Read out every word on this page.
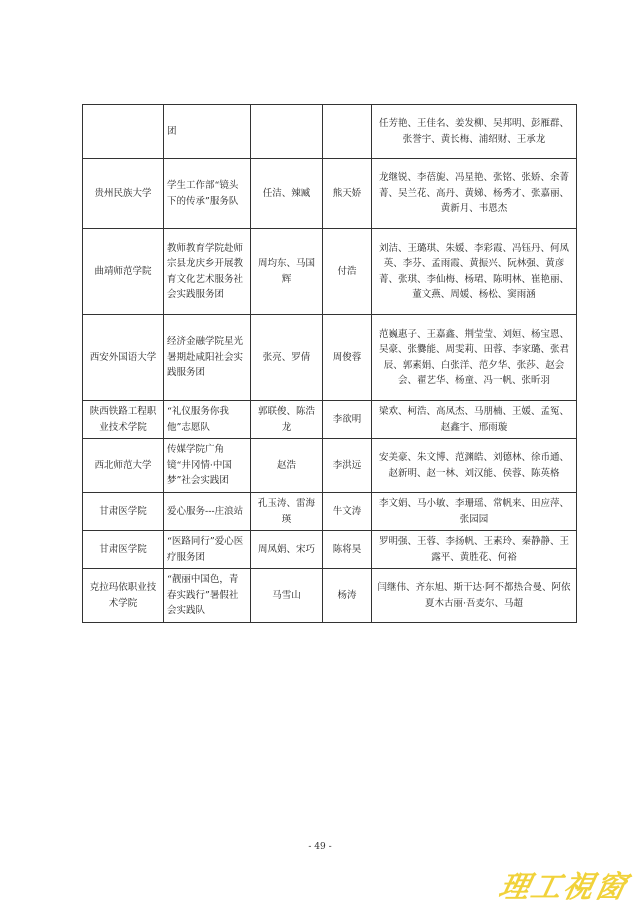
	团			任芳艳、王佳名、姜发柳、吴邦明、彭雁群、张誉宇、黄长梅、浦绍财、王承龙
贵州民族大学	学生工作部“镜头下的传承”服务队	任洁、辣臧	熊天娇	龙继锐、李蓓旎、冯星艳、张铭、张娇、余菁菁、吴兰花、高丹、黄娣、杨秀才、张嘉丽、黄新月、韦恩杰
曲靖师范学院	教师教育学院赴师宗县龙庆乡开展教育文化艺术服务社会实践服务团	周均东、马国辉	付浩	刘洁、王璐琪、朱媛、李彩霞、冯钰丹、何凤英、李芬、孟雨霞、黄振兴、阮林强、黄彦菁、张琪、李仙梅、杨珺、陈明林、崔艳丽、董文燕、周媛、杨松、窦雨涵
西安外国语大学	经济金融学院星光暑期赴咸阳社会实践服务团	张亮、罗倩	周俊蓉	范巍惠子、王嘉鑫、荆莹莹、刘姮、杨宝恩、吴豪、张爨能、周雯莉、田蓉、李家璐、张君辰、郭素娟、白张洋、范夕华、张莎、赵会会、翟艺华、杨童、冯一帆、张昕羽
陕西铁路工程职业技术学院	“礼仪服务你我他”志愿队	郭联俊、陈浩龙	李欲明	梁欢、柯浩、高凤杰、马朋楠、王媛、孟冤、赵鑫宇、邢雨璇
西北师范大学	传媒学院广角镜“井冈情·中国梦”社会实践团	赵浩	李洪远	安美豪、朱文博、范渊皓、刘德林、徐币通、赵新明、赵一林、刘汉能、侯蓉、陈英格
甘肃医学院	爱心服务---庄浪站	孔玉涛、雷海瑛	牛文涛	李文娟、马小敏、李珊瑶、常帆来、田应萍、张园园
甘肃医学院	“医路同行”爱心医疗服务团	周凤娟、宋巧	陈将昊	罗明强、王蓉、李扬帆、王素玲、秦静静、王露平、黄胜花、何裕
克拉玛依职业技术学院	“靓丽中国色，青春实践行”暑假社会实践队	马雪山	杨涛	闫继伟、齐东旭、斯干达·阿不都热合曼、阿依夏木古丽·吾麦尔、马超
- 49 -
理工視窗
